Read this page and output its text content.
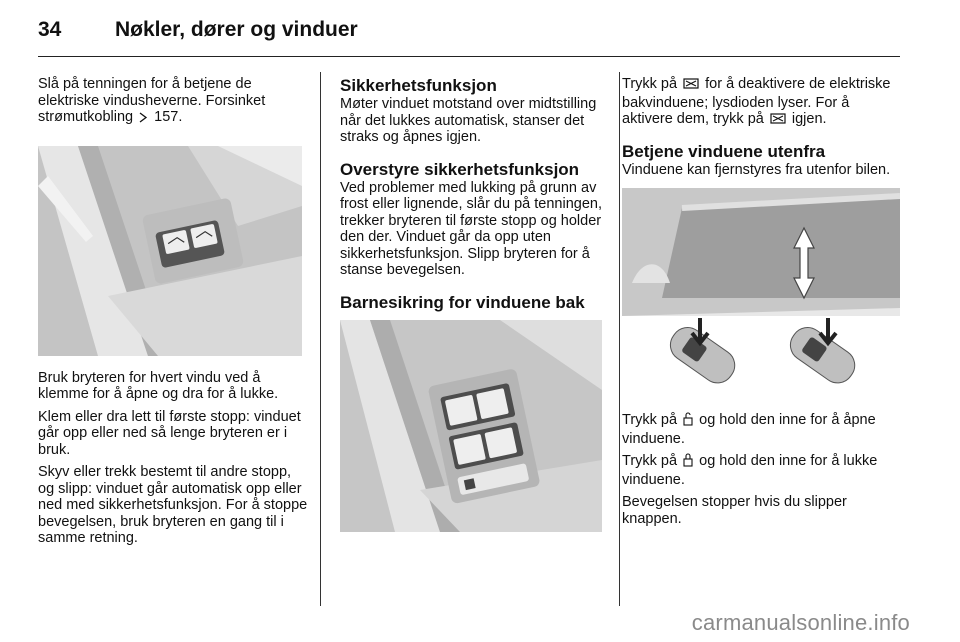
34	Nøkler, dører og vinduer

Slå på tenningen for å betjene de elektriske vindusheverne. Forsinket strømutkobling 157.

Bruk bryteren for hvert vindu ved å klemme for å åpne og dra for å lukke.

Klem eller dra lett til første stopp: vinduet går opp eller ned så lenge bryteren er i bruk.

Skyv eller trekk bestemt til andre stopp, og slipp: vinduet går automatisk opp eller ned med sikkerhetsfunksjon. For å stoppe bevegelsen, bruk bryteren en gang til i samme retning.

Sikkerhetsfunksjon

Møter vinduet motstand over midtstilling når det lukkes automatisk, stanser det straks og åpnes igjen.

Overstyre sikkerhetsfunksjon

Ved problemer med lukking på grunn av frost eller lignende, slår du på tenningen, trekker bryteren til første stopp og holder den der. Vinduet går da opp uten sikkerhetsfunksjon. Slipp bryteren for å stanse bevegelsen.

Barnesikring for vinduene bak

Trykk på for å deaktivere de elektriske bakvinduene; lysdioden lyser. For å aktivere dem, trykk på igjen.

Betjene vinduene utenfra

Vinduene kan fjernstyres fra utenfor bilen.

Trykk på og hold den inne for å åpne vinduene.

Trykk på og hold den inne for å lukke vinduene.

Bevegelsen stopper hvis du slipper knappen.

carmanualsonline.info
